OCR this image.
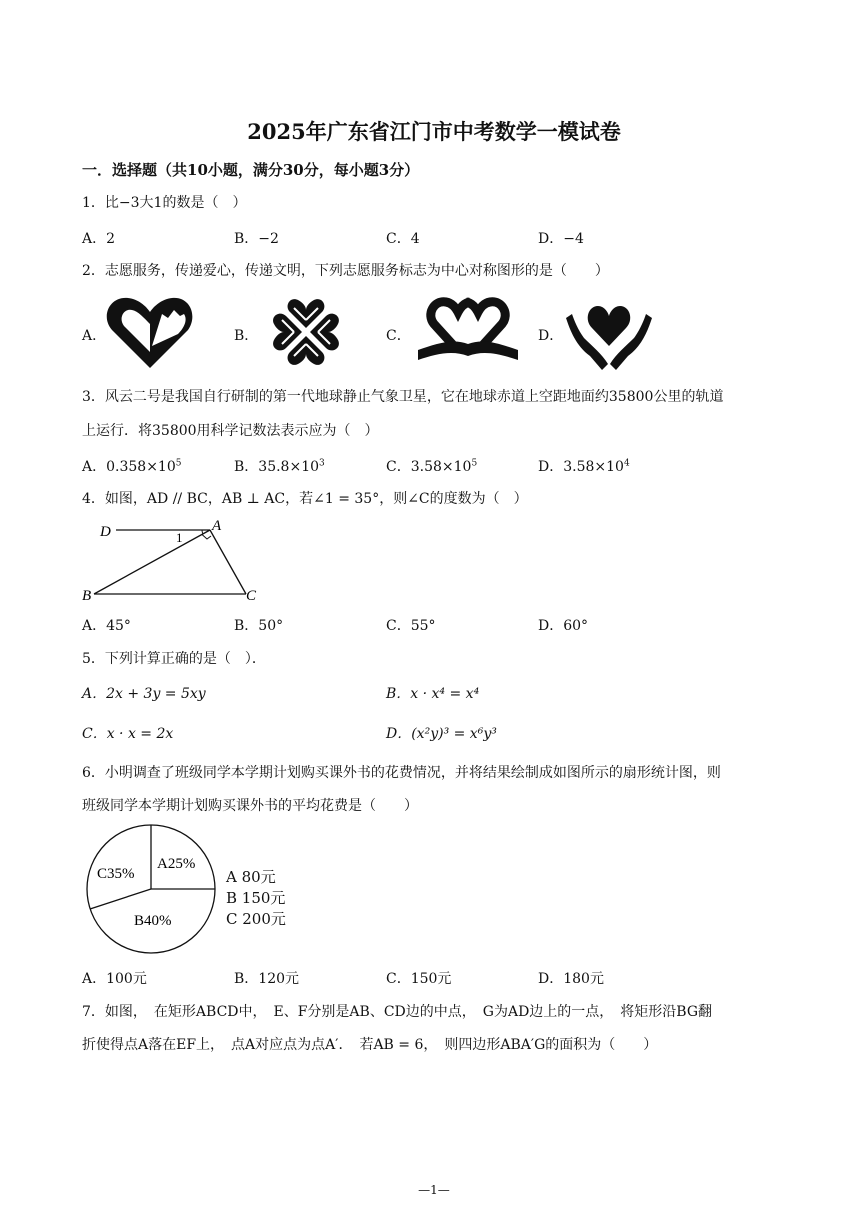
2025年广东省江门市中考数学一模试卷
一．选择题（共10小题，满分30分，每小题3分）
1．比−3大1的数是（　）
A．2	B．−2	C．4	D．−4
2．志愿服务，传递爱心，传递文明，下列志愿服务标志为中心对称图形的是（　　）
A．	B．	C．	D．
3．风云二号是我国自行研制的第一代地球静止气象卫星，它在地球赤道上空距地面约35800公里的轨道
上运行．将35800用科学记数法表示应为（　）
A．$0.358\times 10^5$	B．$35.8\times 10^3$	C．$3.58\times 10^5$	D．$3.58\times 10^4$
4．如图，AD // BC，AB ⊥ AC，若∠1 = 35°，则∠C的度数为（　）
D	A
B	C
1
A．45°	B．50°	C．55°	D．60°
5．下列计算正确的是（　）．
A．2x + 3y = 5xy	B．x · x⁴ = x⁴
C．x · x = 2x	D．(x²y)³ = x⁶y³
6．小明调查了班级同学本学期计划购买课外书的花费情况，并将结果绘制成如图所示的扇形统计图，则
班级同学本学期计划购买课外书的平均花费是（　　）
A25%
C35%
B40%
A 80元
B 150元
C 200元
A．100元	B．120元	C．150元	D．180元
7．如图，　在矩形ABCD中，　E、F分别是AB、CD边的中点，　G为AD边上的一点，　将矩形沿BG翻
折使得点A落在EF上，　点A对应点为点A′．　若AB = 6，　则四边形ABA′G的面积为（　　）
—1—
